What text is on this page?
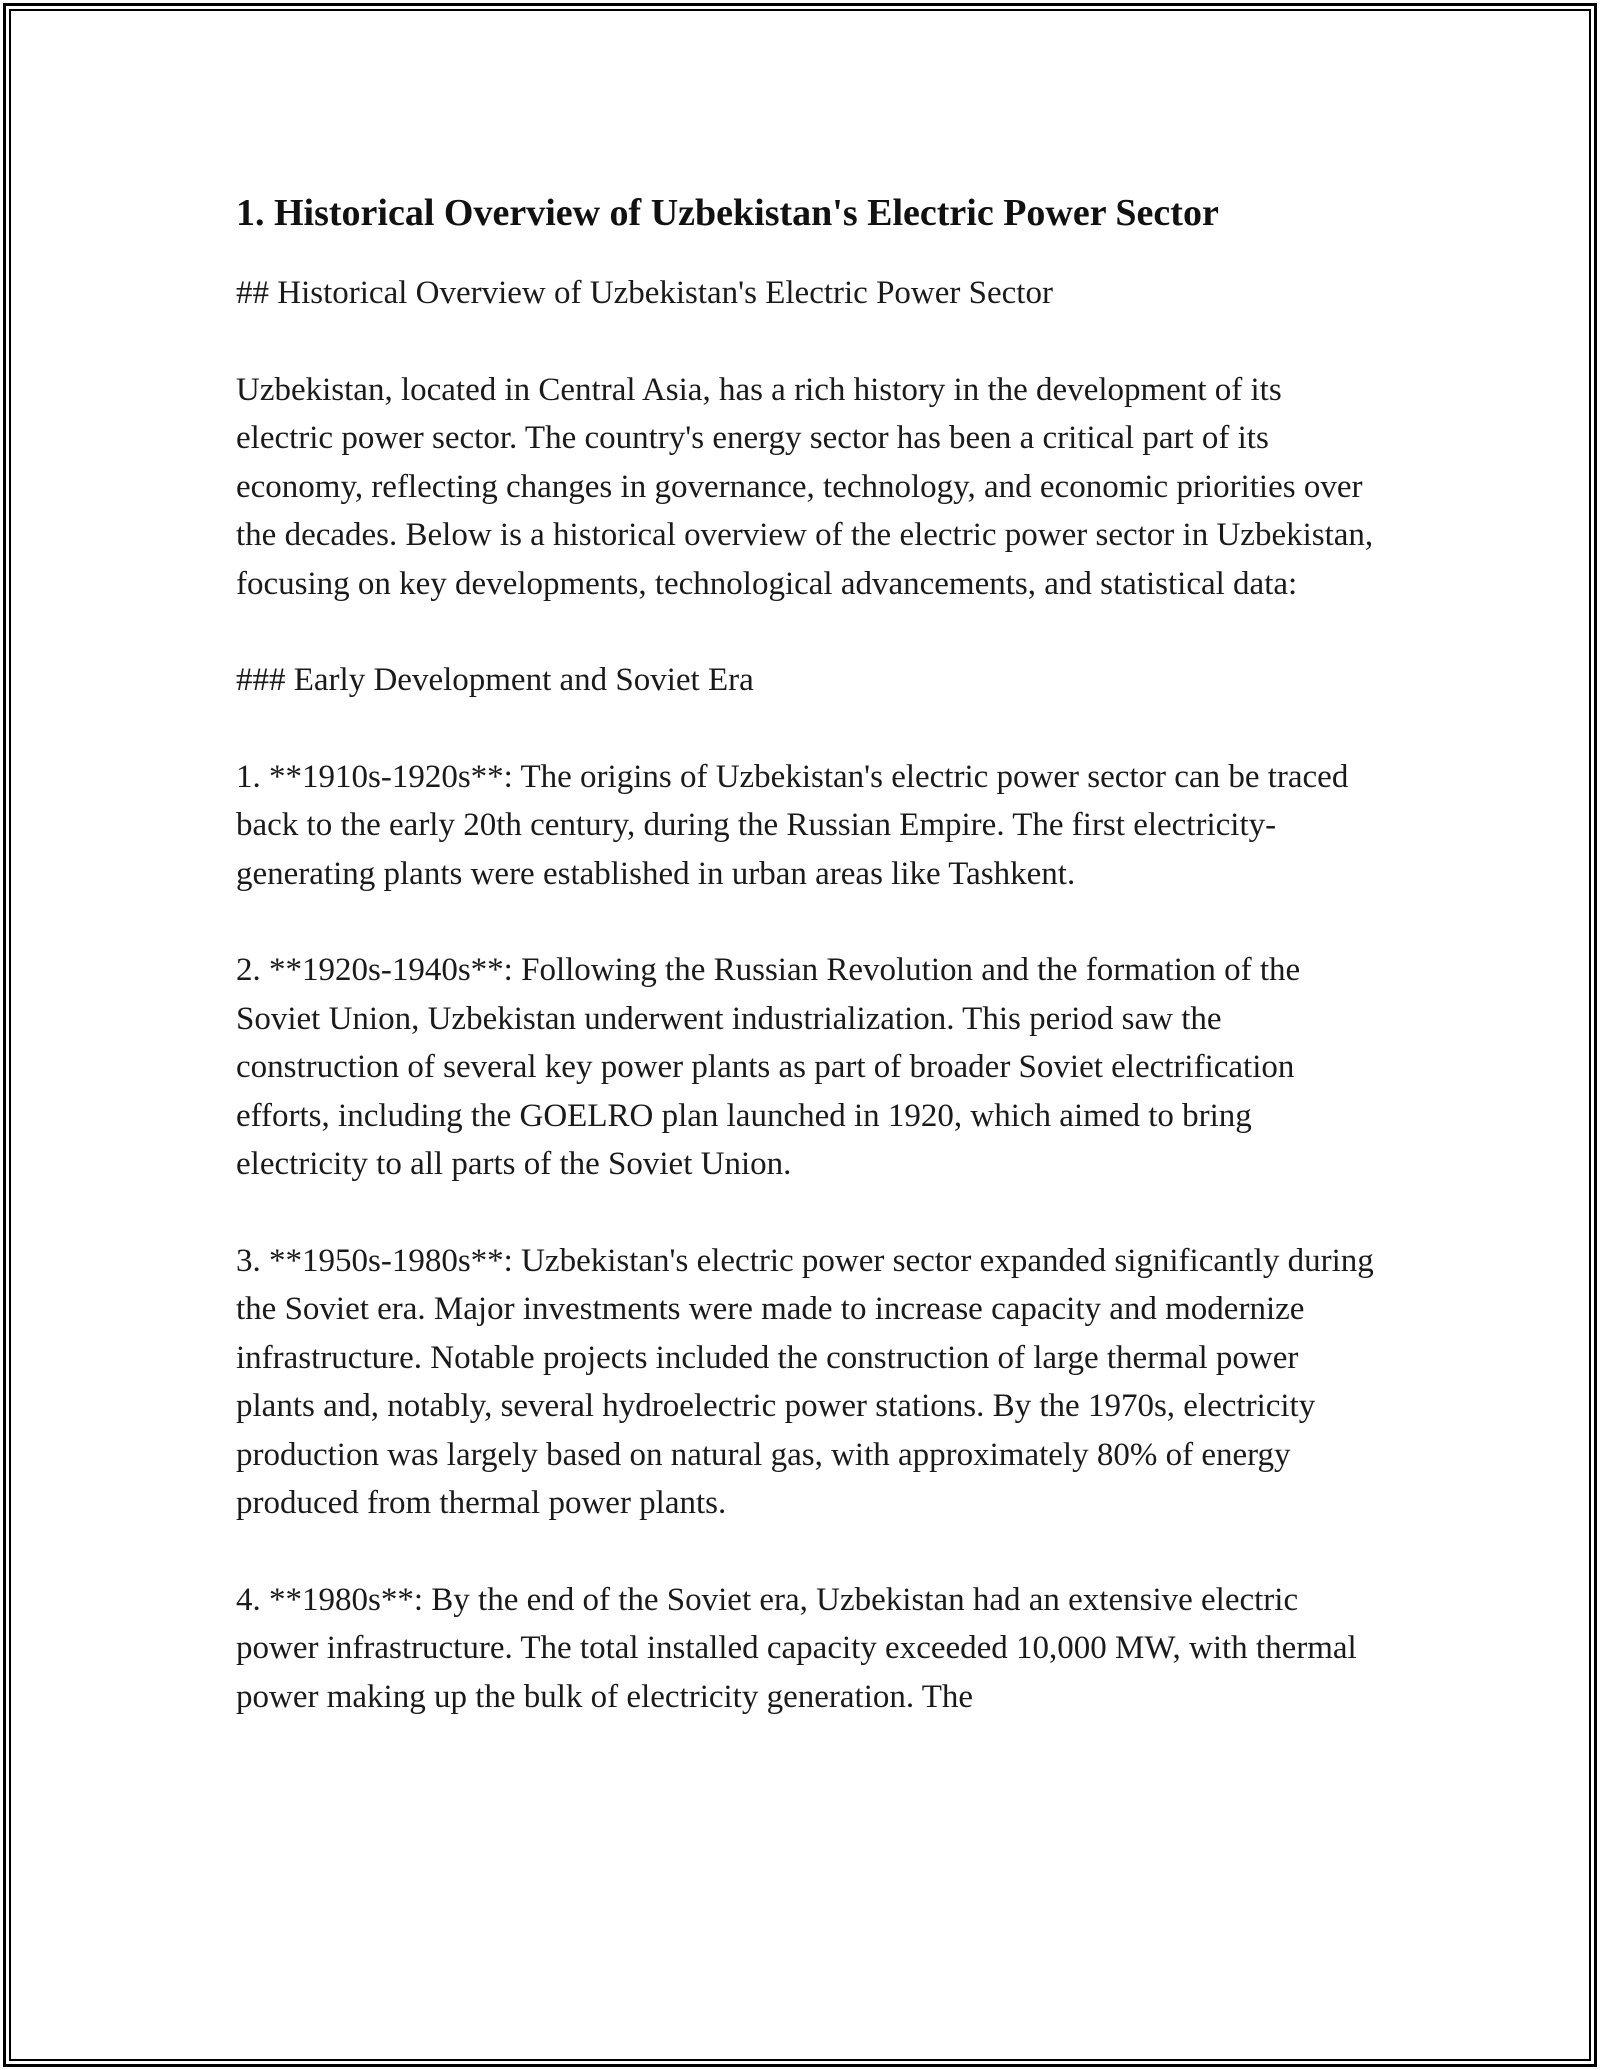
1. Historical Overview of Uzbekistan's Electric Power Sector

## Historical Overview of Uzbekistan's Electric Power Sector

Uzbekistan, located in Central Asia, has a rich history in the development of its electric power sector. The country's energy sector has been a critical part of its economy, reflecting changes in governance, technology, and economic priorities over the decades. Below is a historical overview of the electric power sector in Uzbekistan, focusing on key developments, technological advancements, and statistical data:

### Early Development and Soviet Era

1. **1910s-1920s**: The origins of Uzbekistan's electric power sector can be traced back to the early 20th century, during the Russian Empire. The first electricity-generating plants were established in urban areas like Tashkent.

2. **1920s-1940s**: Following the Russian Revolution and the formation of the Soviet Union, Uzbekistan underwent industrialization. This period saw the construction of several key power plants as part of broader Soviet electrification efforts, including the GOELRO plan launched in 1920, which aimed to bring electricity to all parts of the Soviet Union.

3. **1950s-1980s**: Uzbekistan's electric power sector expanded significantly during the Soviet era. Major investments were made to increase capacity and modernize infrastructure. Notable projects included the construction of large thermal power plants and, notably, several hydroelectric power stations. By the 1970s, electricity production was largely based on natural gas, with approximately 80% of energy produced from thermal power plants.

4. **1980s**: By the end of the Soviet era, Uzbekistan had an extensive electric power infrastructure. The total installed capacity exceeded 10,000 MW, with thermal power making up the bulk of electricity generation. The
